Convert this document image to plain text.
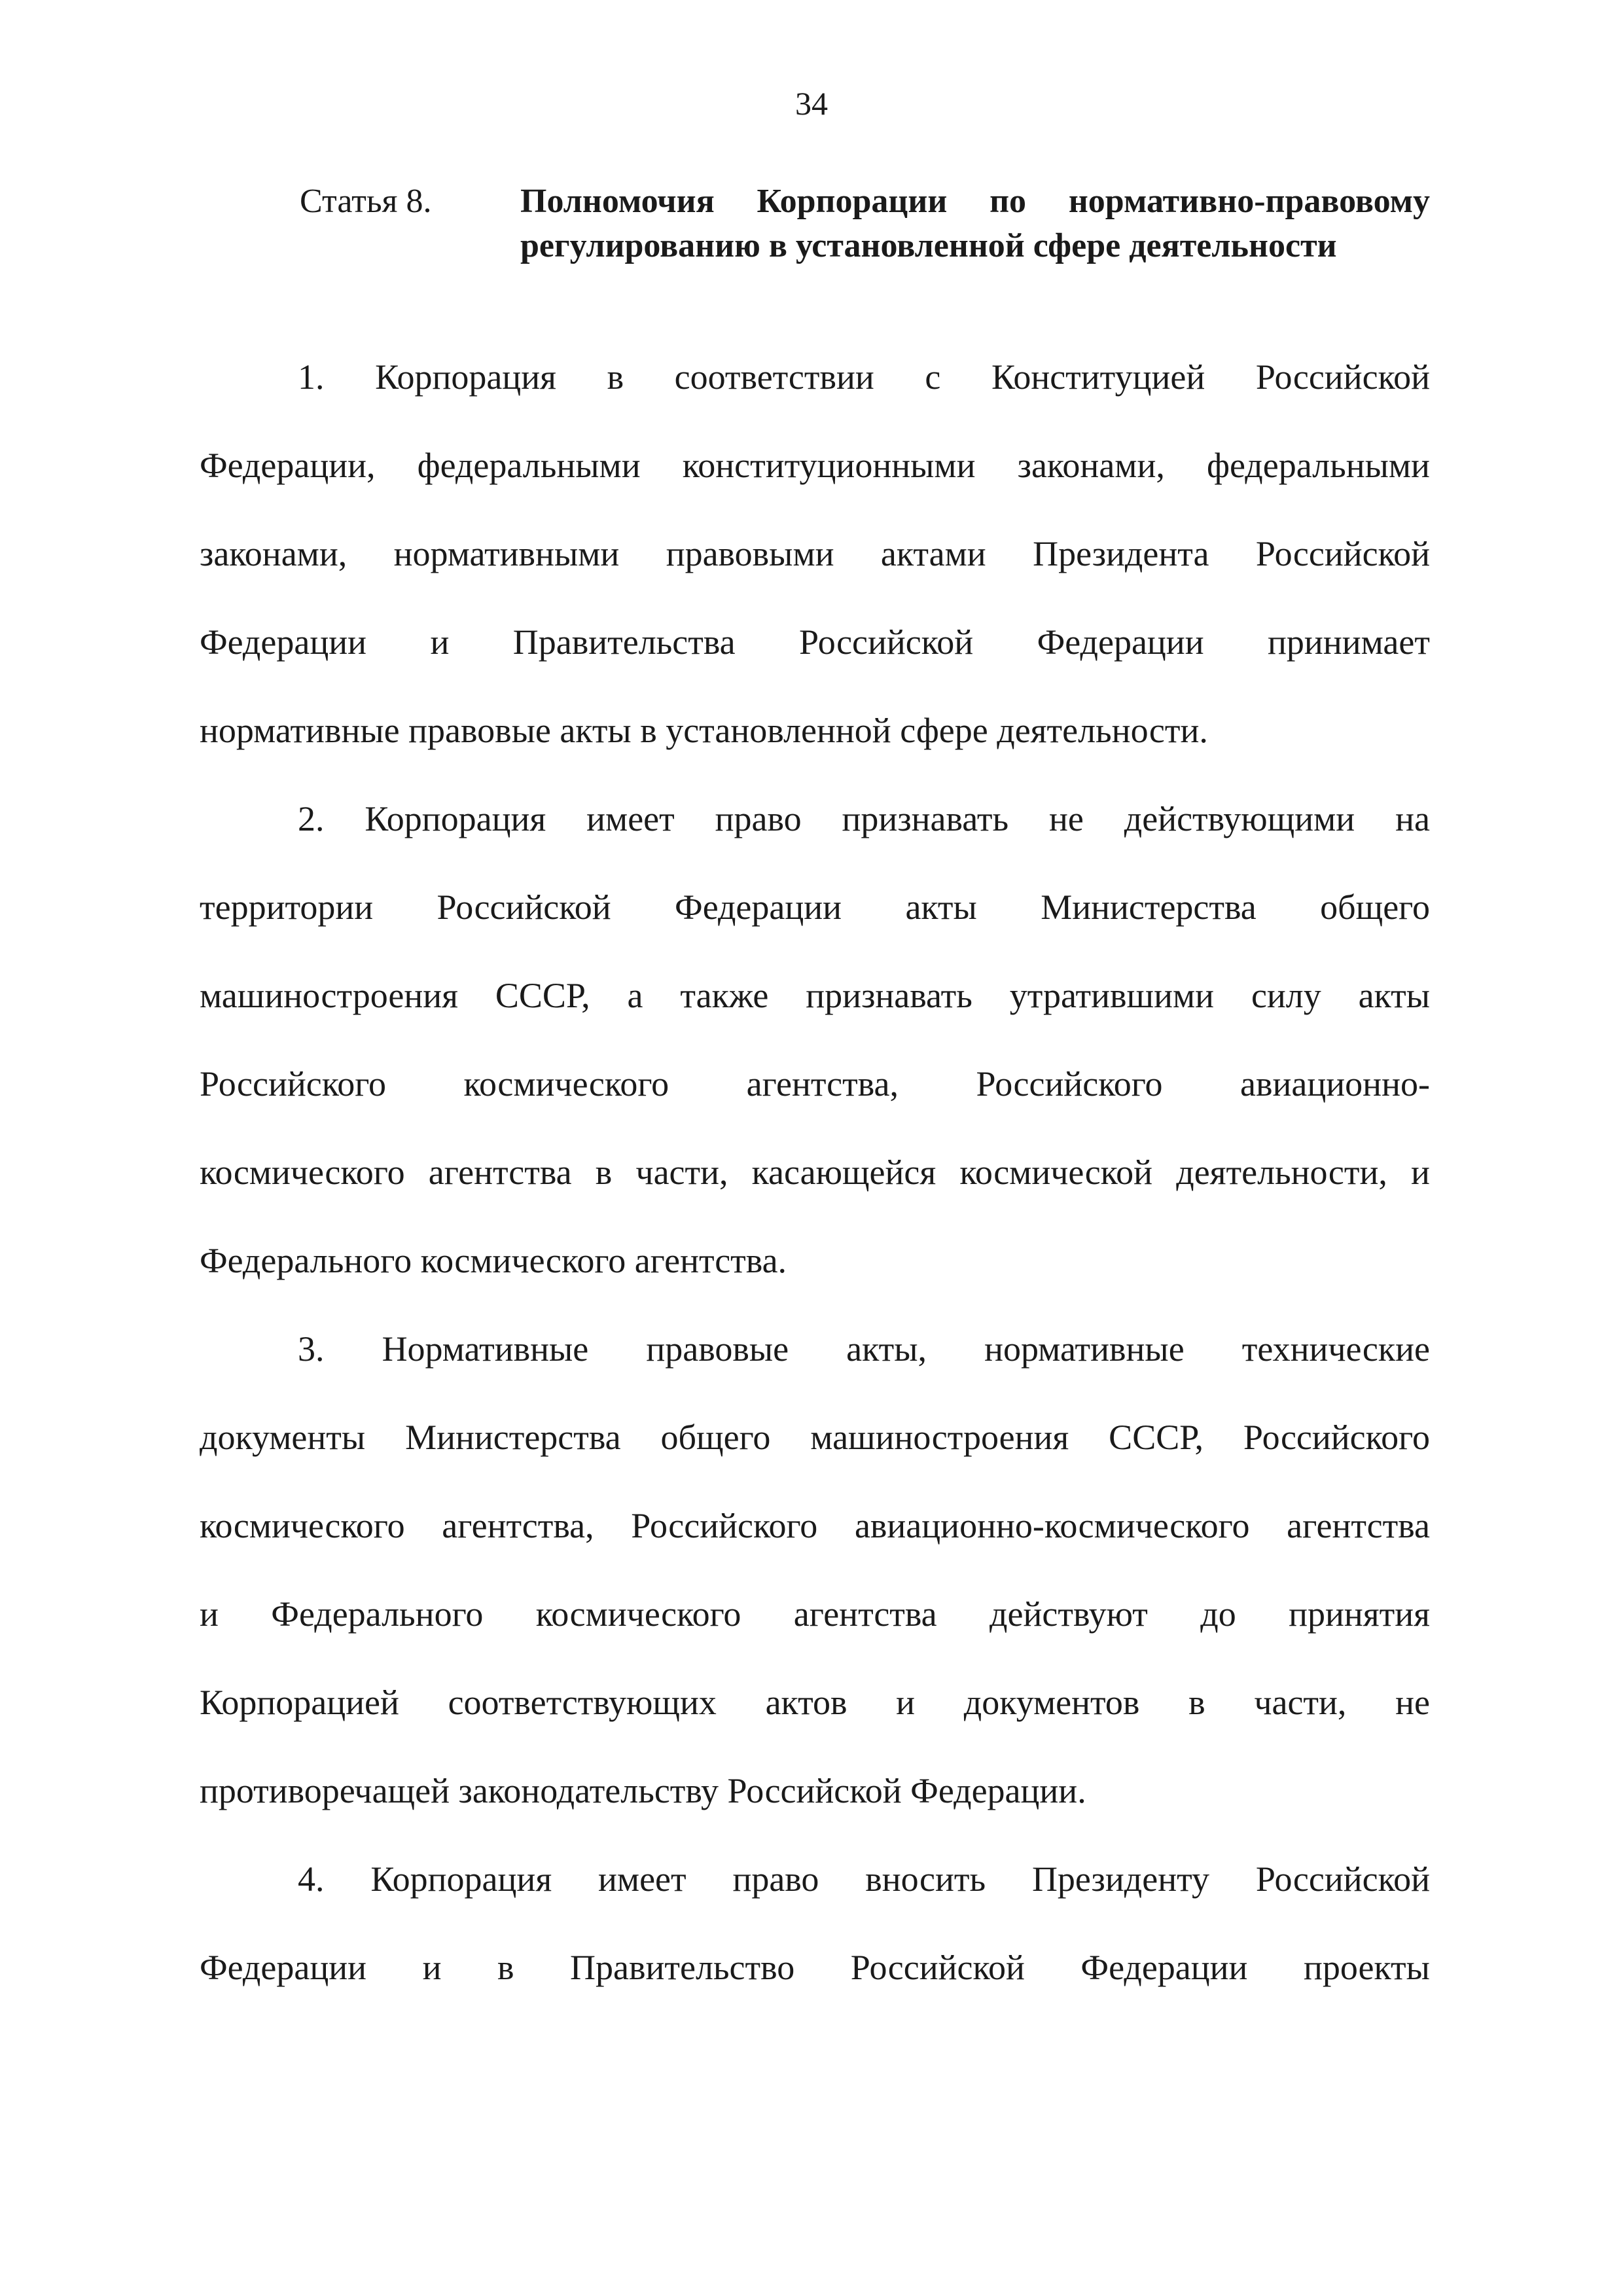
34
Статья 8.	Полномочия Корпорации по нормативно-правовому регулированию в установленной сфере деятельности
1. Корпорация в соответствии с Конституцией Российской
Федерации, федеральными конституционными законами, федеральными
законами, нормативными правовыми актами Президента Российской
Федерации и Правительства Российской Федерации принимает
нормативные правовые акты в установленной сфере деятельности.
2. Корпорация имеет право признавать не действующими на
территории Российской Федерации акты Министерства общего
машиностроения СССР, а также признавать утратившими силу акты
Российского космического агентства, Российского авиационно-
космического агентства в части, касающейся космической деятельности, и
Федерального космического агентства.
3. Нормативные правовые акты, нормативные технические
документы Министерства общего машиностроения СССР, Российского
космического агентства, Российского авиационно-космического агентства
и Федерального космического агентства действуют до принятия
Корпорацией соответствующих актов и документов в части, не
противоречащей законодательству Российской Федерации.
4. Корпорация имеет право вносить Президенту Российской
Федерации и в Правительство Российской Федерации проекты
